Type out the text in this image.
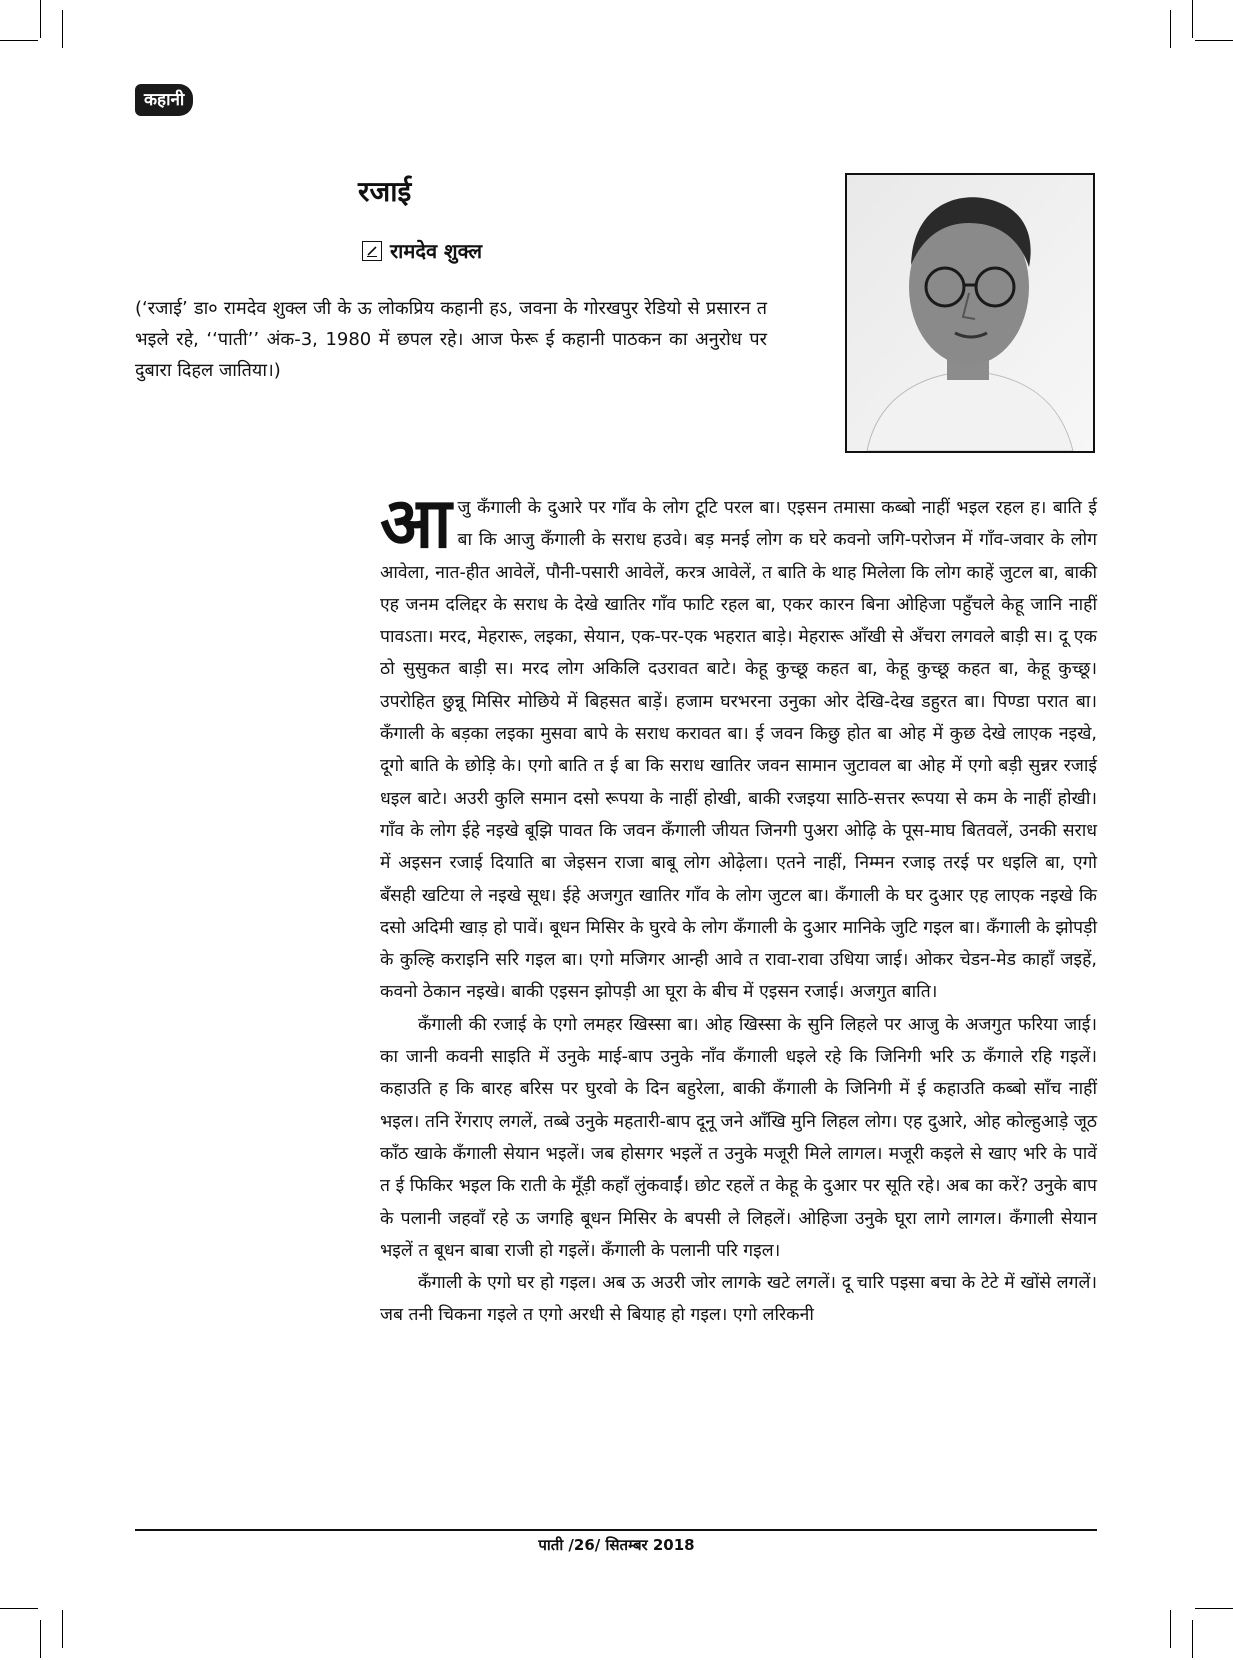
कहानी
रजाई
रामदेव शुक्ल

(‘रजाई’ डा० रामदेव शुक्ल जी के ऊ लोकप्रिय कहानी हऽ, जवना के गोरखपुर रेडियो से प्रसारन त भइले रहे, ‘‘पाती’’ अंक-3, 1980 में छपल रहे। आज फेरू ई कहानी पाठकन का अनुरोध पर दुबारा दिहल जातिया।)

आजु कँगाली के दुआरे पर गाँव के लोग टूटि परल बा। एइसन तमासा कब्बो नाहीं भइल रहल ह। बाति ई बा कि आजु कँगाली के सराध हउवे। बड़ मनई लोग क घरे कवनो जगि-परोजन में गाँव-जवार के लोग आवेला, नात-हीत आवेलें, पौनी-पसारी आवेलें, करत्र आवेलें, त बाति के थाह मिलेला कि लोग काहें जुटल बा, बाकी एह जनम दलिद्दर के सराध के देखे खातिर गाँव फाटि रहल बा, एकर कारन बिना ओहिजा पहुँचले केहू जानि नाहीं पावऽता। मरद, मेहरारू, लइका, सेयान, एक-पर-एक भहरात बाड़े। मेहरारू आँखी से अँचरा लगवले बाड़ी स। दू एक ठो सुसुकत बाड़ी स। मरद लोग अकिलि दउरावत बाटे। केहू कुच्छू कहत बा, केहू कुच्छू कहत बा, केहू कुच्छू। उपरोहित छुन्नू मिसिर मोछिये में बिहसत बाड़ें। हजाम घरभरना उनुका ओर देखि-देख डहुरत बा। पिण्डा परात बा। कँगाली के बड़का लइका मुसवा बापे के सराध करावत बा। ई जवन किछु होत बा ओह में कुछ देखे लाएक नइखे, दूगो बाति के छोड़ि के। एगो बाति त ई बा कि सराध खातिर जवन सामान जुटावल बा ओह में एगो बड़ी सुन्नर रजाई धइल बाटे। अउरी कुलि समान दसो रूपया के नाहीं होखी, बाकी रजइया साठि-सत्तर रूपया से कम के नाहीं होखी। गाँव के लोग ईहे नइखे बूझि पावत कि जवन कँगाली जीयत जिनगी पुअरा ओढ़ि के पूस-माघ बितवलें, उनकी सराध में अइसन रजाई दियाति बा जेइसन राजा बाबू लोग ओढ़ेला। एतने नाहीं, निम्मन रजाइ तरई पर धइलि बा, एगो बँसही खटिया ले नइखे सूध। ईहे अजगुत खातिर गाँव के लोग जुटल बा। कँगाली के घर दुआर एह लाएक नइखे कि दसो अदिमी खाड़ हो पावें। बूधन मिसिर के घुरवे के लोग कँगाली के दुआर मानिके जुटि गइल बा। कँगाली के झोपड़ी के कुल्हि कराइनि सरि गइल बा। एगो मजिगर आन्ही आवे त रावा-रावा उधिया जाई। ओकर चेडन-मेड काहाँ जइहें, कवनो ठेकान नइखे। बाकी एइसन झोपड़ी आ घूरा के बीच में एइसन रजाई। अजगुत बाति।

कँगाली की रजाई के एगो लमहर खिस्सा बा। ओह खिस्सा के सुनि लिहले पर आजु के अजगुत फरिया जाई। का जानी कवनी साइति में उनुके माई-बाप उनुके नाँव कँगाली धइले रहे कि जिनिगी भरि ऊ कँगाले रहि गइलें। कहाउति ह कि बारह बरिस पर घुरवो के दिन बहुरेला, बाकी कँगाली के जिनिगी में ई कहाउति कब्बो साँच नाहीं भइल। तनि रेंगराए लगलें, तब्बे उनुके महतारी-बाप दूनू जने आँखि मुनि लिहल लोग। एह दुआरे, ओह कोल्हुआड़े जूठ काँठ खाके कँगाली सेयान भइलें। जब होसगर भइलें त उनुके मजूरी मिले लागल। मजूरी कइले से खाए भरि के पावें त ई फिकिर भइल कि राती के मूँड़ी कहाँ लुंकवाईं। छोट रहलें त केहू के दुआर पर सूति रहे। अब का करें? उनुके बाप के पलानी जहवाँ रहे ऊ जगहि बूधन मिसिर के बपसी ले लिहलें। ओहिजा उनुके घूरा लागे लागल। कँगाली सेयान भइलें त बूधन बाबा राजी हो गइलें। कँगाली के पलानी परि गइल।

कँगाली के एगो घर हो गइल। अब ऊ अउरी जोर लागके खटे लगलें। दू चारि पइसा बचा के टेटे में खोंसे लगलें। जब तनी चिकना गइले त एगो अरधी से बियाह हो गइल। एगो लरिकनी

पाती /26/ सितम्बर 2018
